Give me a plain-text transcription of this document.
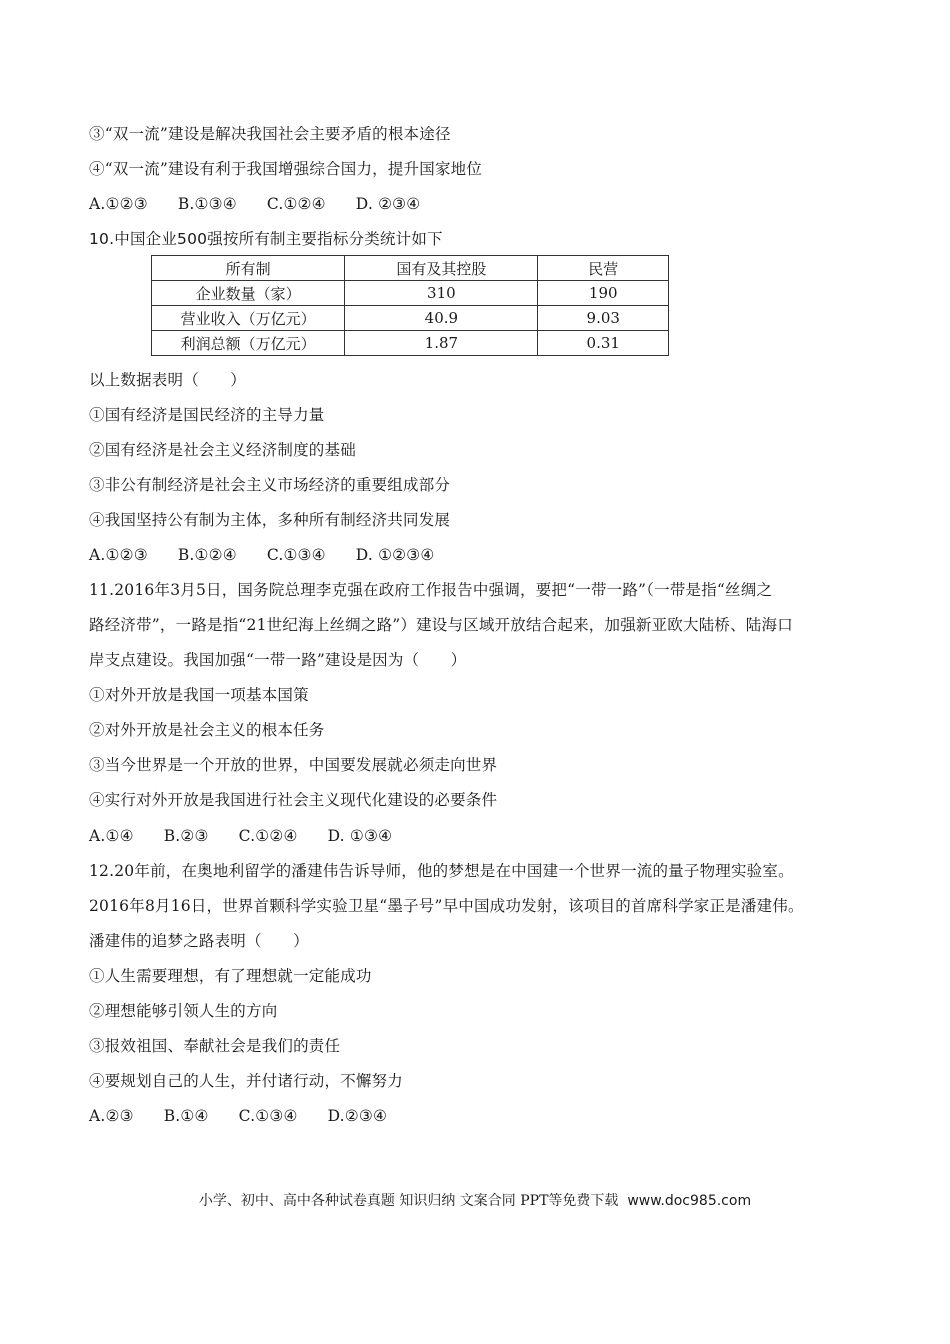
③“双一流”建设是解决我国社会主要矛盾的根本途径
④“双一流”建设有利于我国增强综合国力，提升国家地位
A.①②③ B.①③④ C.①②④ D. ②③④
10.中国企业500强按所有制主要指标分类统计如下
所有制	国有及其控股	民营
企业数量（家）	310	190
营业收入（万亿元）	40.9	9.03
利润总额（万亿元）	1.87	0.31
以上数据表明（　　）
①国有经济是国民经济的主导力量
②国有经济是社会主义经济制度的基础
③非公有制经济是社会主义市场经济的重要组成部分
④我国坚持公有制为主体，多种所有制经济共同发展
A.①②③ B.①②④ C.①③④ D. ①②③④
11.2016年3月5日，国务院总理李克强在政府工作报告中强调，要把“一带一路”（一带是指“丝绸之
路经济带”，一路是指“21世纪海上丝绸之路”）建设与区域开放结合起来，加强新亚欧大陆桥、陆海口
岸支点建设。我国加强“一带一路”建设是因为（　　）
①对外开放是我国一项基本国策
②对外开放是社会主义的根本任务
③当今世界是一个开放的世界，中国要发展就必须走向世界
④实行对外开放是我国进行社会主义现代化建设的必要条件
A.①④ B.②③ C.①②④ D. ①③④
12.20年前，在奥地利留学的潘建伟告诉导师，他的梦想是在中国建一个世界一流的量子物理实验室。
2016年8月16日，世界首颗科学实验卫星“墨子号”早中国成功发射，该项目的首席科学家正是潘建伟。
潘建伟的追梦之路表明（　　）
①人生需要理想，有了理想就一定能成功
②理想能够引领人生的方向
③报效祖国、奉献社会是我们的责任
④要规划自己的人生，并付诸行动，不懈努力
A.②③ B.①④ C.①③④ D.②③④
小学、初中、高中各种试卷真题 知识归纳 文案合同 PPT等免费下载 www.doc985.com
